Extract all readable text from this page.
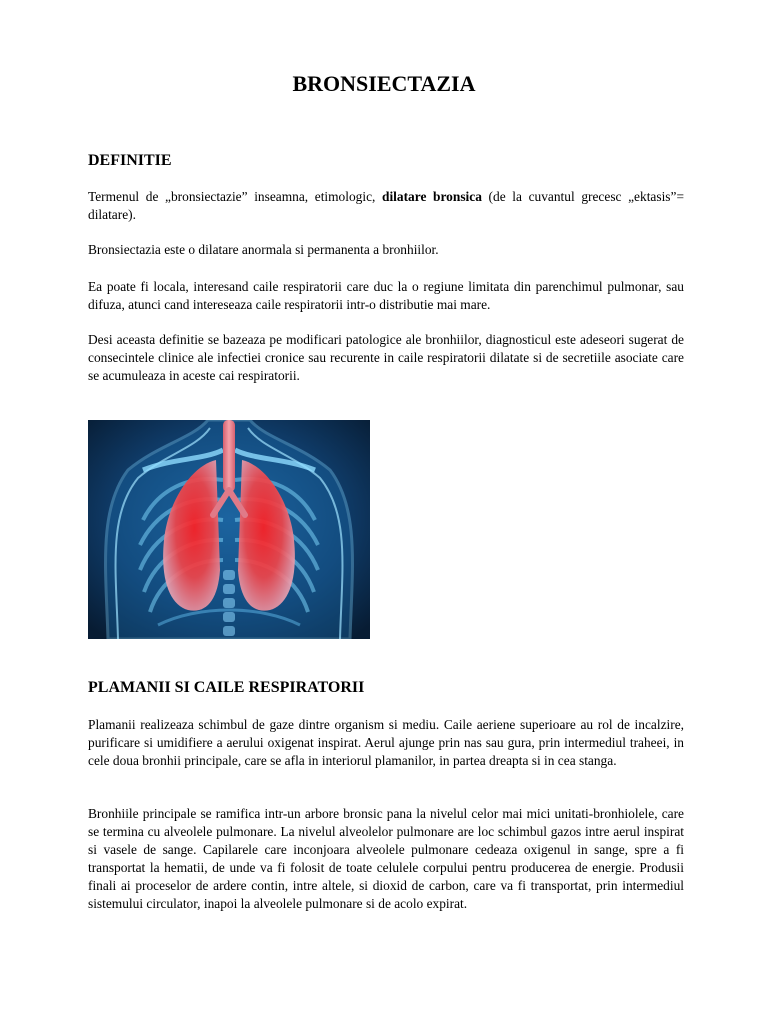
BRONSIECTAZIA
DEFINITIE
Termenul de „bronsiectazie” inseamna, etimologic, dilatare bronsica (de la cuvantul grecesc „ektasis”= dilatare).
Bronsiectazia este o dilatare anormala si permanenta a bronhiilor.
Ea poate fi locala, interesand caile respiratorii care duc la o regiune limitata din parenchimul pulmonar, sau difuza, atunci cand intereseaza caile respiratorii intr-o distributie mai mare.
Desi aceasta definitie se bazeaza pe modificari patologice ale bronhiilor, diagnosticul este adeseori sugerat de consecintele clinice ale infectiei cronice sau recurente in caile respiratorii dilatate si de secretiile asociate care se acumuleaza in aceste cai respiratorii.
PLAMANII SI CAILE RESPIRATORII
Plamanii realizeaza schimbul de gaze dintre organism si mediu. Caile aeriene superioare au rol de incalzire, purificare si umidifiere a aerului oxigenat inspirat. Aerul ajunge prin nas sau gura, prin intermediul traheei, in cele doua bronhii principale, care se afla in interiorul plamanilor, in partea dreapta si in cea stanga.
Bronhiile principale se ramifica intr-un arbore bronsic pana la nivelul celor mai mici unitati-bronhiolele, care se termina cu alveolele pulmonare. La nivelul alveolelor pulmonare are loc schimbul gazos intre aerul inspirat si vasele de sange. Capilarele care inconjoara alveolele pulmonare cedeaza oxigenul in sange, spre a fi transportat la hematii, de unde va fi folosit de toate celulele corpului pentru producerea de energie. Produsii finali ai proceselor de ardere contin, intre altele, si dioxid de carbon, care va fi transportat, prin intermediul sistemului circulator, inapoi la alveolele pulmonare si de acolo expirat.
